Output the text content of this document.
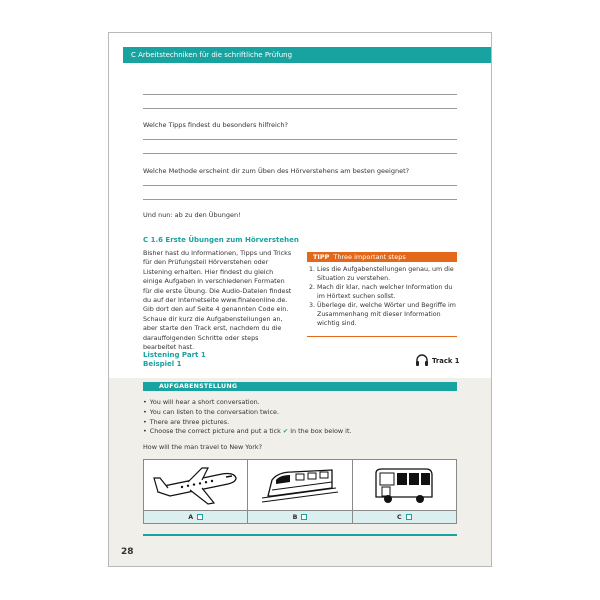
C Arbeitstechniken für die schriftliche Prüfung
Welche Tipps findest du besonders hilfreich?
Welche Methode erscheint dir zum Üben des Hörverstehens am besten geeignet?
Und nun: ab zu den Übungen!
C 1.6 Erste Übungen zum Hörverstehen
Bisher hast du Informationen, Tipps und Tricks für den Prüfungsteil Hörverstehen oder Listening erhalten. Hier findest du gleich einige Aufgaben in verschiedenen Formaten für die erste Übung. Die Audio-Dateien findest du auf der Internetseite www.finaleonline.de. Gib dort den auf Seite 4 genannten Code ein. Schaue dir kurz die Aufgabenstellungen an, aber starte den Track erst, nachdem du die darauffolgenden Schritte oder steps bearbeitet hast.
TIPP Three important steps
1. Lies die Aufgabenstellungen genau, um die Situation zu verstehen.
2. Mach dir klar, nach welcher Information du im Hörtext suchen sollst.
3. Überlege dir, welche Wörter und Begriffe im Zusammenhang mit dieser Information wichtig sind.
Listening Part 1
Beispiel 1	Track 1
AUFGABENSTELLUNG
• You will hear a short conversation.
• You can listen to the conversation twice.
• There are three pictures.
• Choose the correct picture and put a tick ✔ in the box below it.
How will the man travel to New York?
A	B	C
28
